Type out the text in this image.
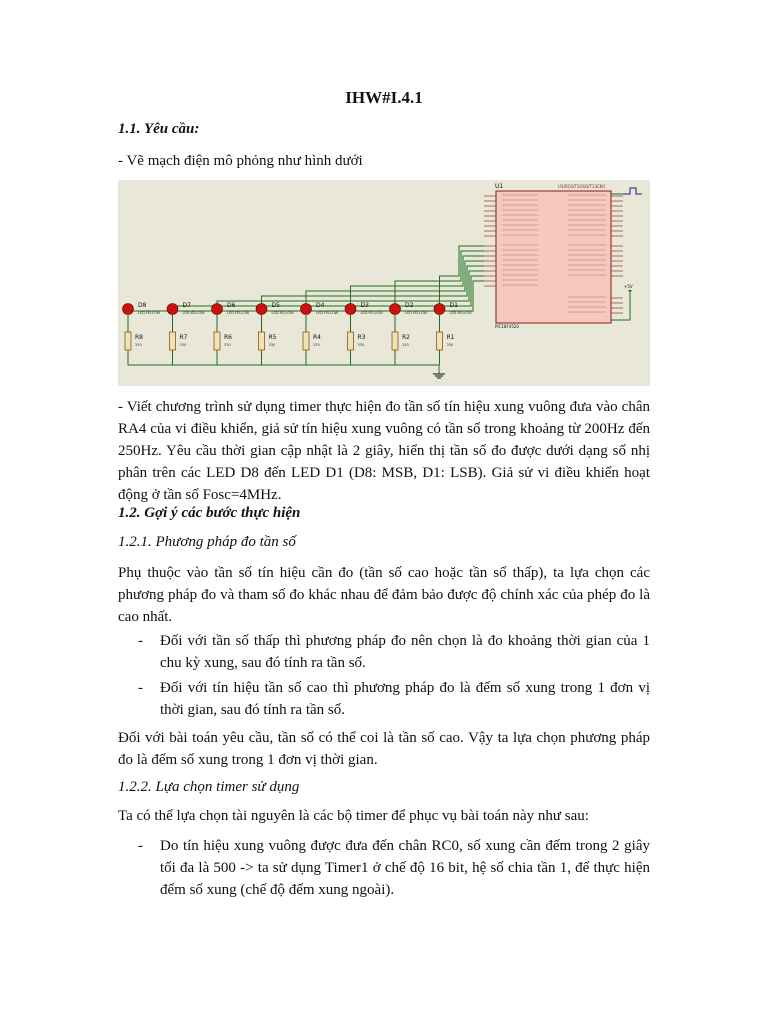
IHW#I.4.1

1.1. Yêu cầu:

- Vẽ mạch điện mô phỏng như hình dưới

U1	U1(RC0/T1OSO/T13CKI)
PIC18F4520
+5V
D8
LED-YELLOW
R8
330
D7
LED-YELLOW
R7
330
D6
LED-YELLOW
R6
330
D5
LED-YELLOW
R5
330
D4
LED-YELLOW
R4
330
D3
LED-YELLOW
R3
330
D2
LED-YELLOW
R2
330
D1
LED-YELLOW
R1
330

- Viết chương trình sử dụng timer thực hiện đo tần số tín hiệu xung vuông đưa vào chân RA4 của vi điều khiển, giả sử tín hiệu xung vuông có tần số trong khoảng từ 200Hz đến 250Hz. Yêu cầu thời gian cập nhật là 2 giây, hiển thị tần số đo được dưới dạng số nhị phân trên các LED D8 đến LED D1 (D8: MSB, D1: LSB). Giả sử vi điều khiển hoạt động ở tần số Fosc=4MHz.

1.2. Gợi ý các bước thực hiện

1.2.1. Phương pháp đo tần số

Phụ thuộc vào tần số tín hiệu cần đo (tần số cao hoặc tần số thấp), ta lựa chọn các phương pháp đo và tham số đo khác nhau để đảm bảo được độ chính xác của phép đo là cao nhất.

-	Đối với tần số thấp thì phương pháp đo nên chọn là đo khoảng thời gian của 1 chu kỳ xung, sau đó tính ra tần số.

-	Đối với tín hiệu tần số cao thì phương pháp đo là đếm số xung trong 1 đơn vị thời gian, sau đó tính ra tần số.

Đối với bài toán yêu cầu, tần số có thể coi là tần số cao. Vậy ta lựa chọn phương pháp đo là đếm số xung trong 1 đơn vị thời gian.

1.2.2. Lựa chọn timer sử dụng

Ta có thể lựa chọn tài nguyên là các bộ timer để phục vụ bài toán này như sau:

-	Do tín hiệu xung vuông được đưa đến chân RC0, số xung cần đếm trong 2 giây tối đa là 500 -> ta sử dụng Timer1 ở chế độ 16 bit, hệ số chia tần 1, để thực hiện đếm số xung (chế độ đếm xung ngoài).
